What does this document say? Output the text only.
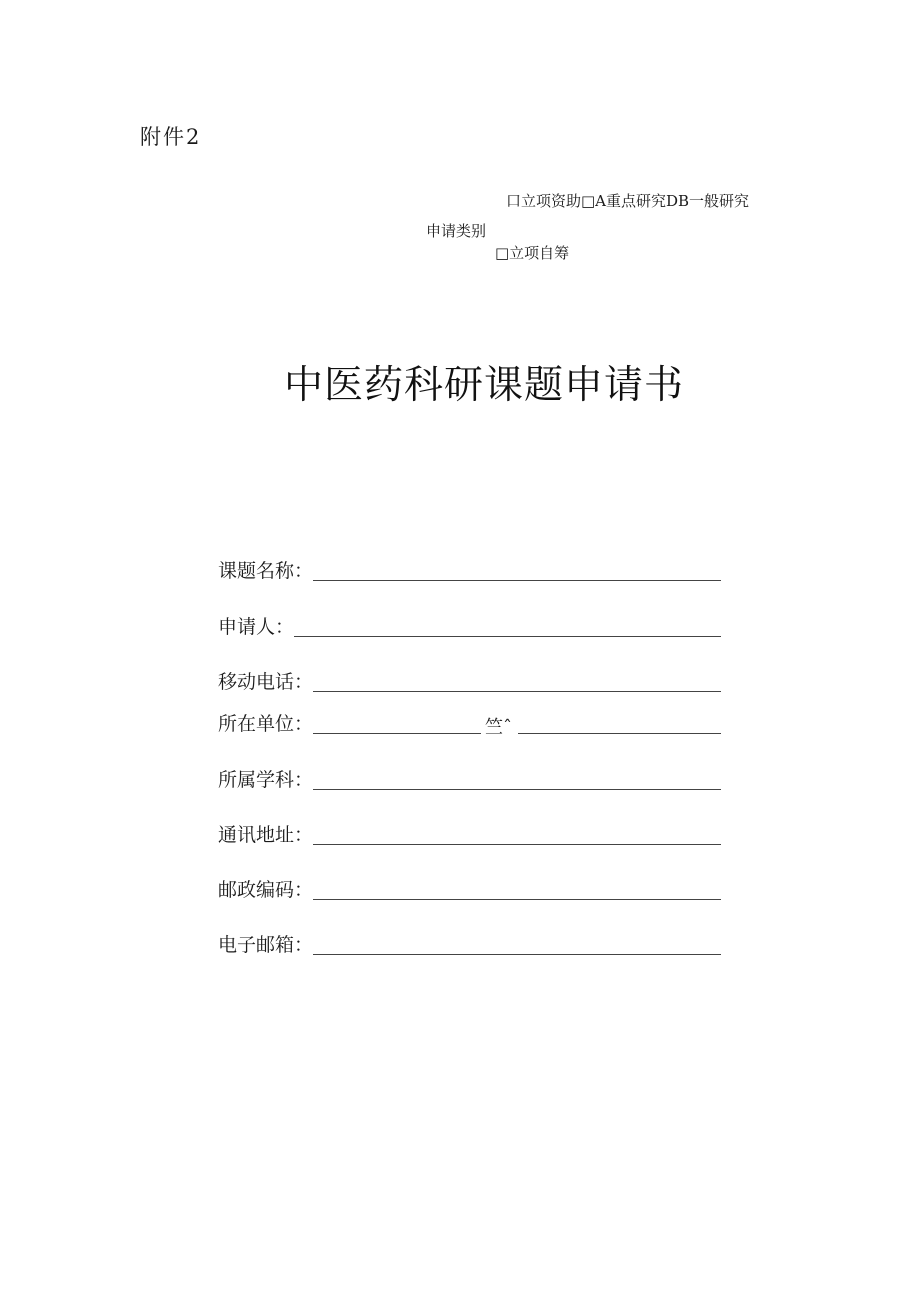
附件2
口立项资助□A重点研究DB一般研究
申请类别
□立项自筹
中医药科研课题申请书
课题名称：
申请人：
移动电话：
所在单位：	竺ˆ
所属学科：
通讯地址：
邮政编码：
电子邮箱：
